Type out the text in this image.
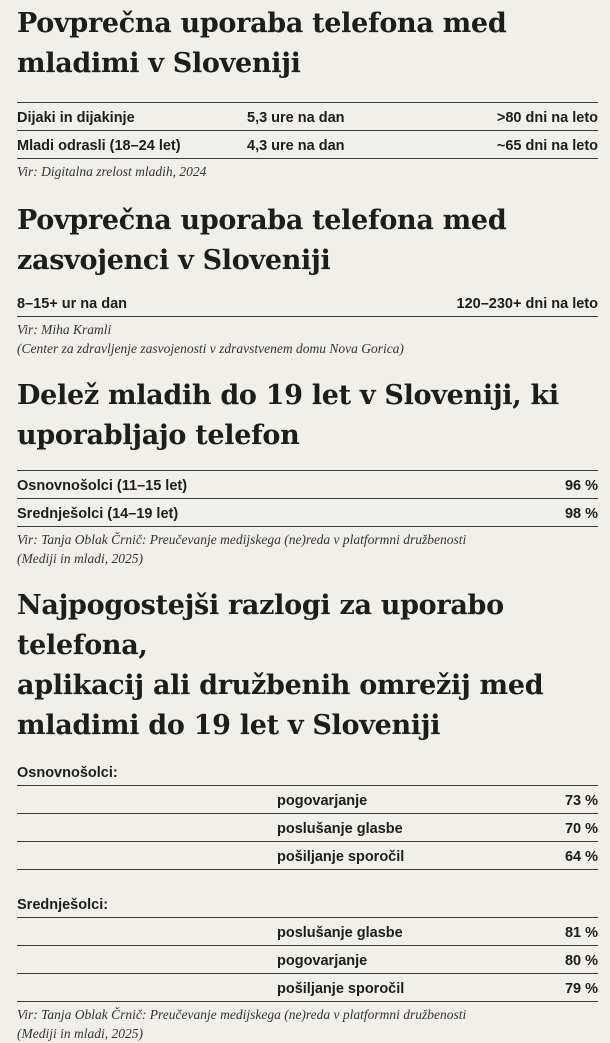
Povprečna uporaba telefona med
mladimi v Sloveniji
Dijaki in dijakinje	5,3 ure na dan	>80 dni na leto
Mladi odrasli (18–24 let)	4,3 ure na dan	~65 dni na leto
Vir: Digitalna zrelost mladih, 2024
Povprečna uporaba telefona med
zasvojenci v Sloveniji
8–15+ ur na dan	120–230+ dni na leto
Vir: Miha Kramli
(Center za zdravljenje zasvojenosti v zdravstvenem domu Nova Gorica)
Delež mladih do 19 let v Sloveniji, ki
uporabljajo telefon
Osnovnošolci (11–15 let)	96 %
Srednješolci (14–19 let)	98 %
Vir: Tanja Oblak Črnič: Preučevanje medijskega (ne)reda v platformni družbenosti
(Mediji in mladi, 2025)
Najpogostejši razlogi za uporabo telefona,
aplikacij ali družbenih omrežij med
mladimi do 19 let v Sloveniji
Osnovnošolci:
pogovarjanje	73 %
poslušanje glasbe	70 %
pošiljanje sporočil	64 %
Srednješolci:
poslušanje glasbe	81 %
pogovarjanje	80 %
pošiljanje sporočil	79 %
Vir: Tanja Oblak Črnič: Preučevanje medijskega (ne)reda v platformni družbenosti
(Mediji in mladi, 2025)
